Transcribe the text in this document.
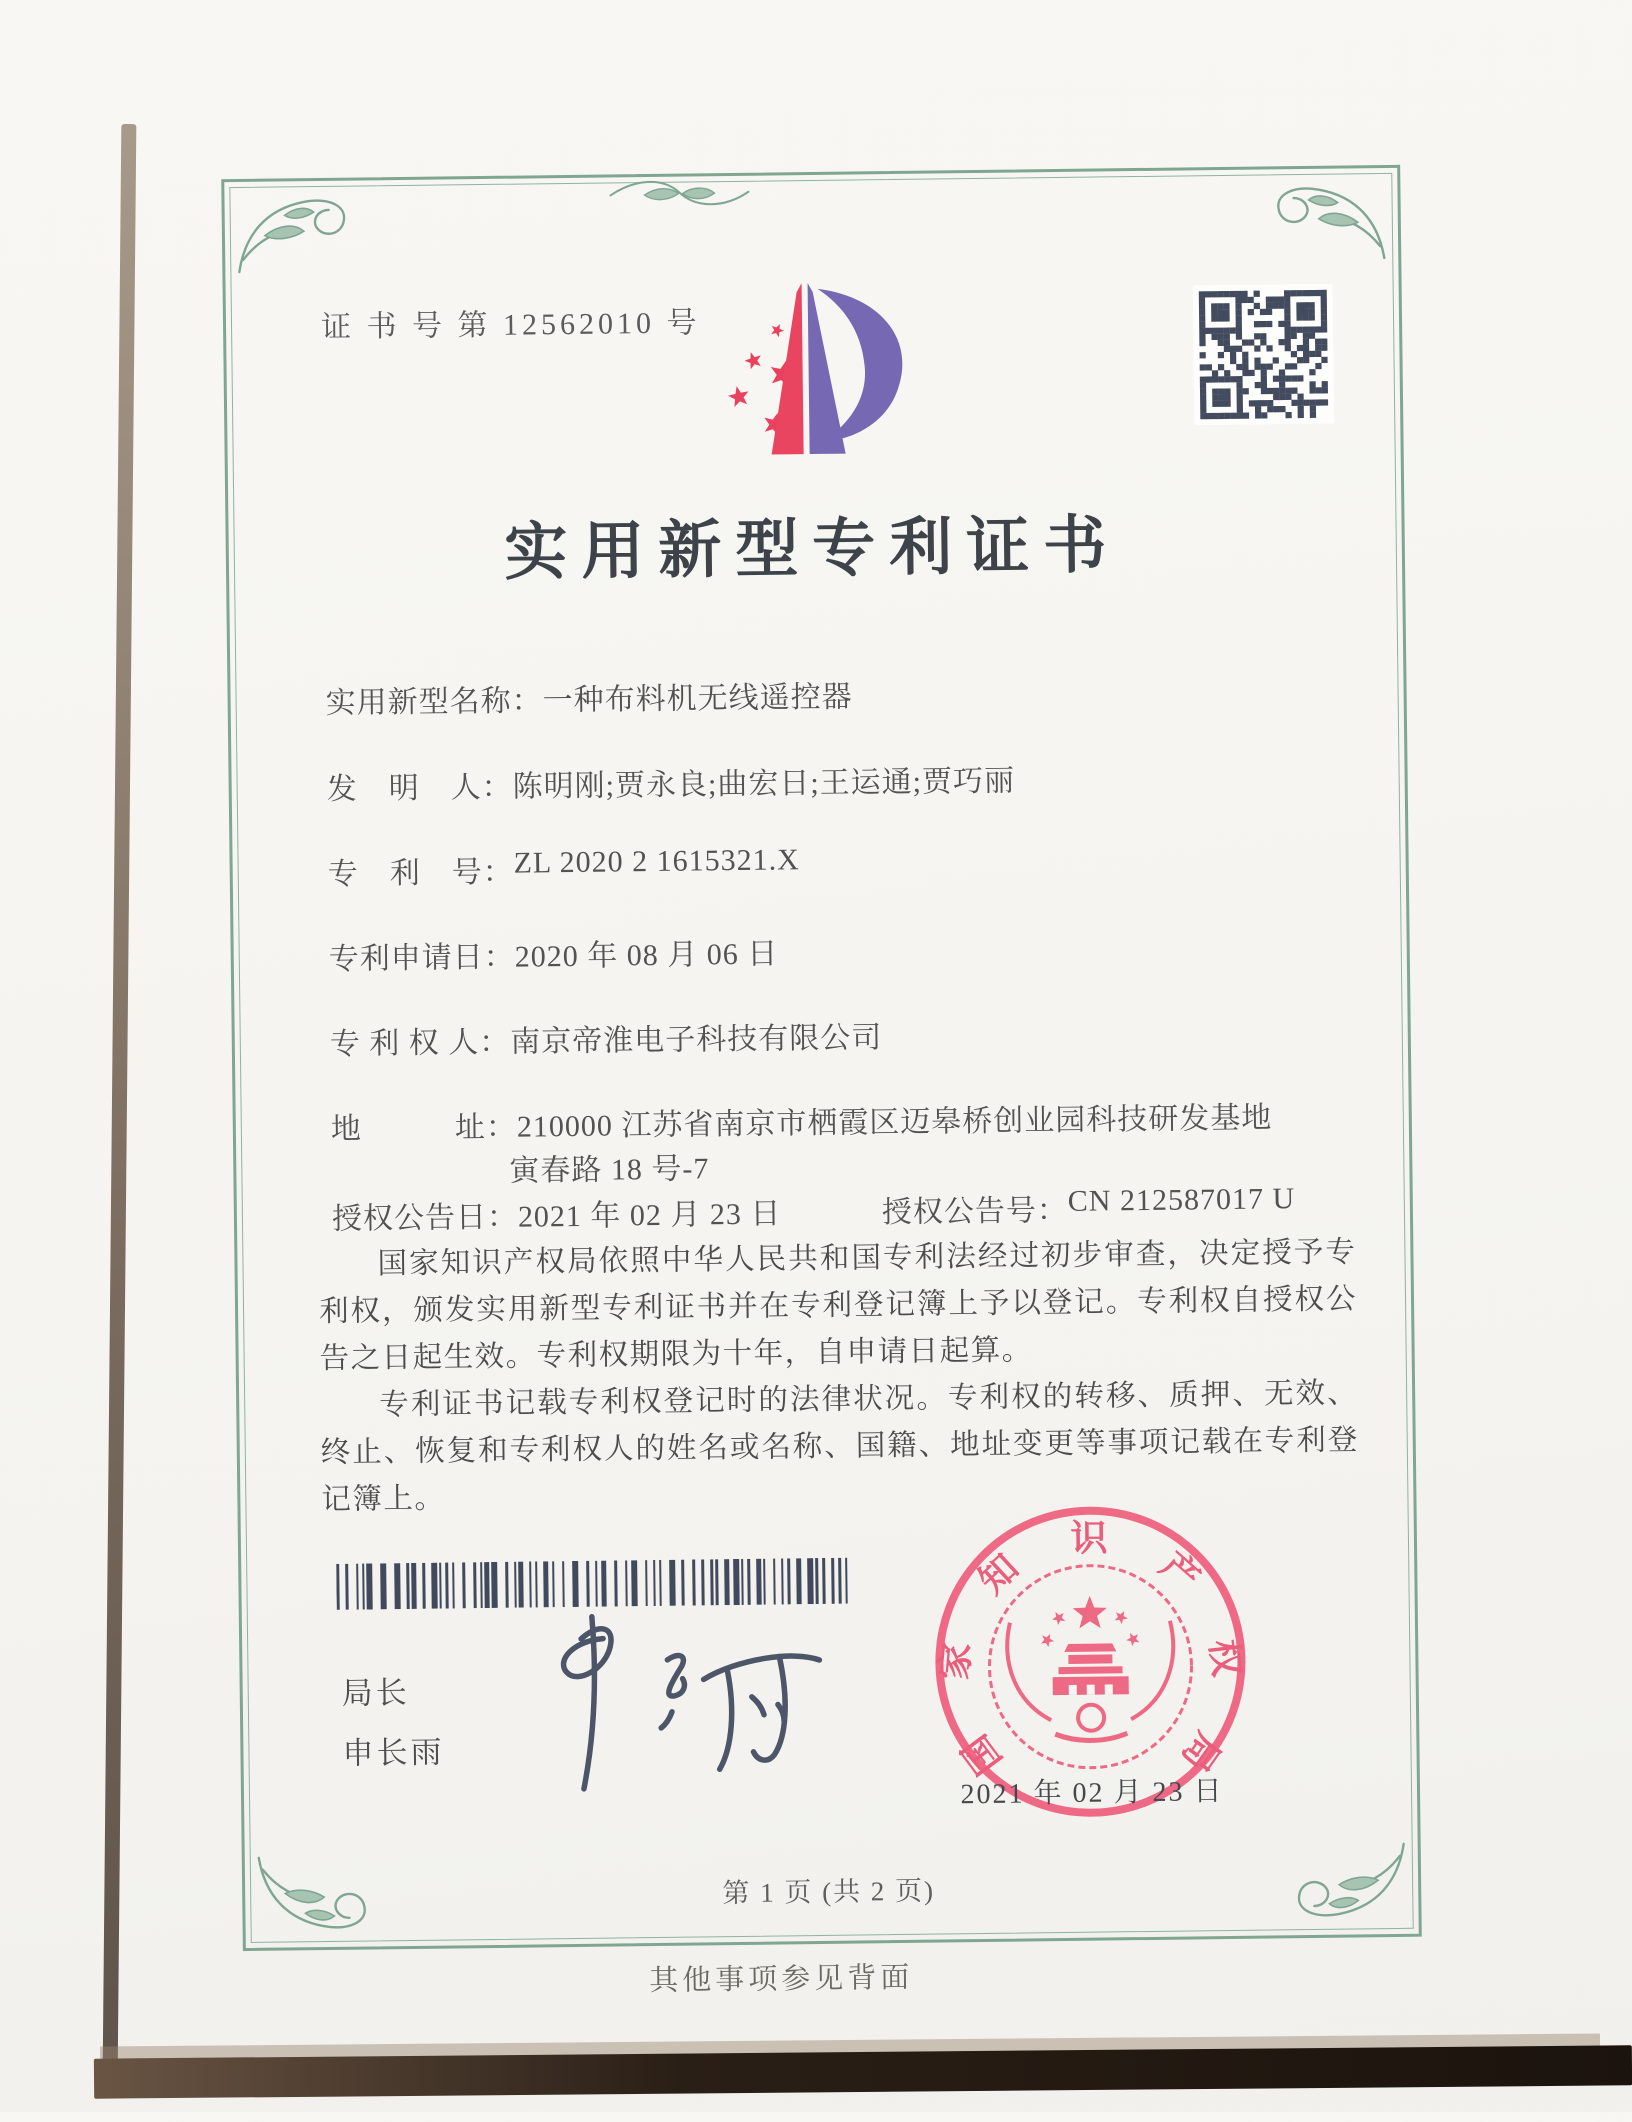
证 书 号 第 12562010 号
实用新型专利证书
实用新型名称： 一种布料机无线遥控器
发　明　人： 陈明刚;贾永良;曲宏日;王运通;贾巧丽
专　利　号： ZL 2020 2 1615321.X
专利申请日： 2020 年 08 月 06 日
专 利 权 人： 南京帝淮电子科技有限公司
地　　　址： 210000 江苏省南京市栖霞区迈皋桥创业园科技研发基地
寅春路 18 号-7
授权公告日： 2021 年 02 月 23 日	授权公告号： CN 212587017 U

国家知识产权局依照中华人民共和国专利法经过初步审查，决定授予专利权，颁发实用新型专利证书并在专利登记簿上予以登记。专利权自授权公告之日起生效。专利权期限为十年，自申请日起算。

专利证书记载专利权登记时的法律状况。专利权的转移、质押、无效、终止、恢复和专利权人的姓名或名称、国籍、地址变更等事项记载在专利登记簿上。

局长
申长雨	国
家
知
识
产
权
局
2021 年 02 月 23 日
第 1 页 (共 2 页)
其他事项参见背面
